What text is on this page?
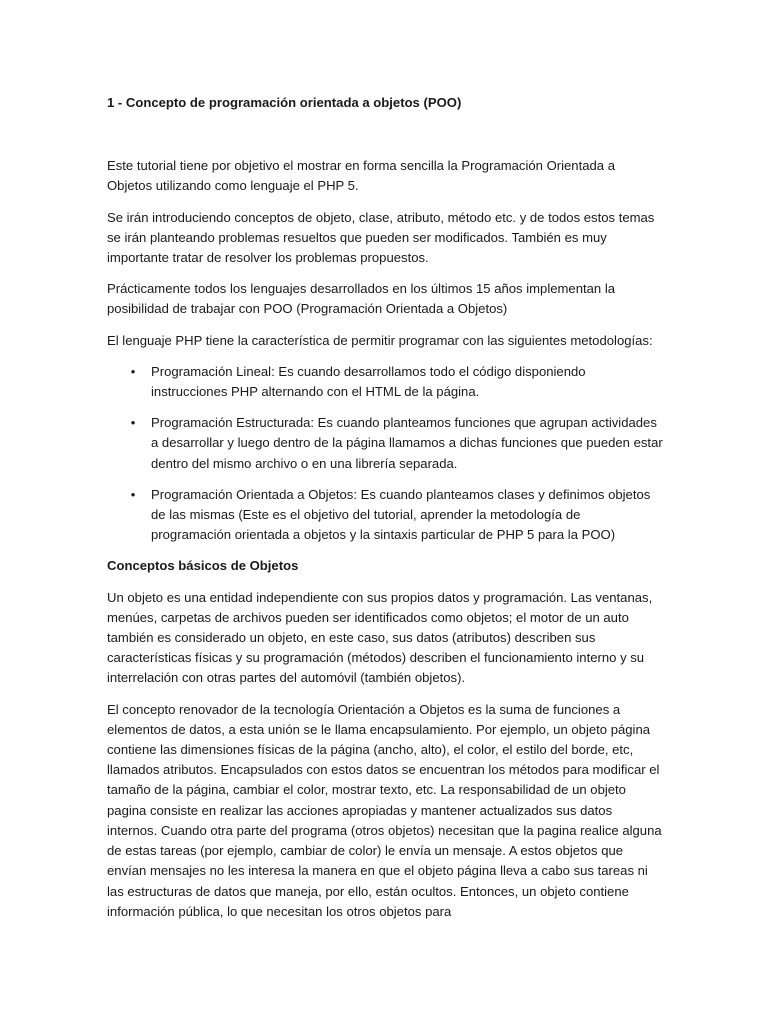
1 - Concepto de programación orientada a objetos (POO)

Este tutorial tiene por objetivo el mostrar en forma sencilla la Programación Orientada a Objetos utilizando como lenguaje el PHP 5.

Se irán introduciendo conceptos de objeto, clase, atributo, método etc. y de todos estos temas se irán planteando problemas resueltos que pueden ser modificados. También es muy importante tratar de resolver los problemas propuestos.

Prácticamente todos los lenguajes desarrollados en los últimos 15 años implementan la posibilidad de trabajar con POO (Programación Orientada a Objetos)

El lenguaje PHP tiene la característica de permitir programar con las siguientes metodologías:

• Programación Lineal: Es cuando desarrollamos todo el código disponiendo instrucciones PHP alternando con el HTML de la página.
• Programación Estructurada: Es cuando planteamos funciones que agrupan actividades a desarrollar y luego dentro de la página llamamos a dichas funciones que pueden estar dentro del mismo archivo o en una librería separada.
• Programación Orientada a Objetos: Es cuando planteamos clases y definimos objetos de las mismas (Este es el objetivo del tutorial, aprender la metodología de programación orientada a objetos y la sintaxis particular de PHP 5 para la POO)
Conceptos básicos de Objetos

Un objeto es una entidad independiente con sus propios datos y programación. Las ventanas, menúes, carpetas de archivos pueden ser identificados como objetos; el motor de un auto también es considerado un objeto, en este caso, sus datos (atributos) describen sus características físicas y su programación (métodos) describen el funcionamiento interno y su interrelación con otras partes del automóvil (también objetos).

El concepto renovador de la tecnología Orientación a Objetos es la suma de funciones a elementos de datos, a esta unión se le llama encapsulamiento. Por ejemplo, un objeto página contiene las dimensiones físicas de la página (ancho, alto), el color, el estilo del borde, etc, llamados atributos. Encapsulados con estos datos se encuentran los métodos para modificar el tamaño de la página, cambiar el color, mostrar texto, etc. La responsabilidad de un objeto pagina consiste en realizar las acciones apropiadas y mantener actualizados sus datos internos. Cuando otra parte del programa (otros objetos) necesitan que la pagina realice alguna de estas tareas (por ejemplo, cambiar de color) le envía un mensaje. A estos objetos que envían mensajes no les interesa la manera en que el objeto página lleva a cabo sus tareas ni las estructuras de datos que maneja, por ello, están ocultos. Entonces, un objeto contiene información pública, lo que necesitan los otros objetos para
